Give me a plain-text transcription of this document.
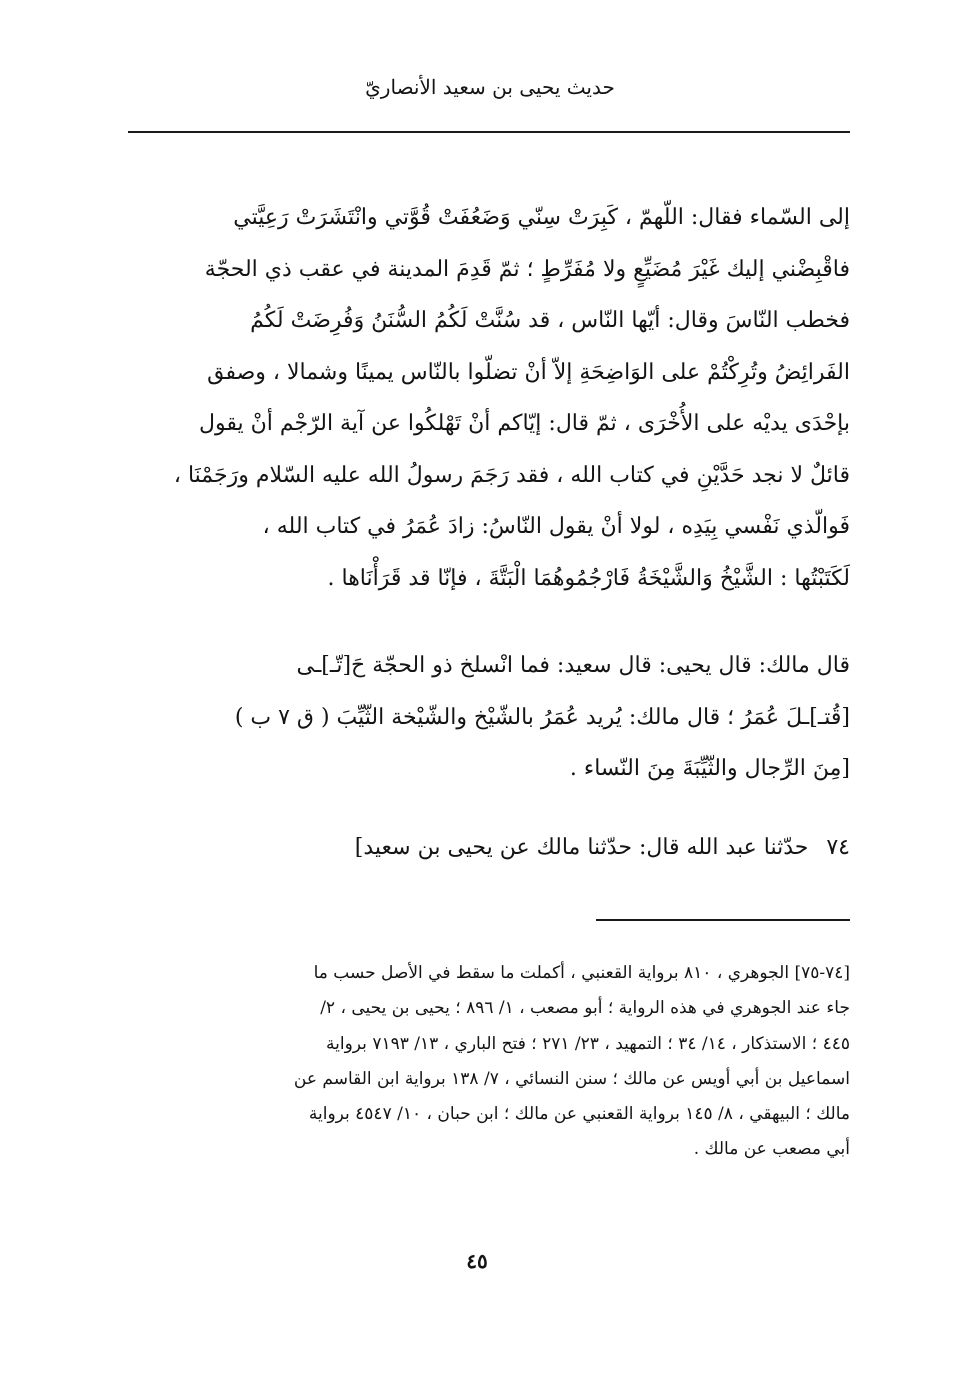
حديث يحيى بن سعيد الأنصاريّ
إلى السّماء فقال: اللّهمّ ، كَبِرَتْ سِنّي وَضَعُفَتْ قُوَّتي وانْتَشَرَتْ رَعِيَّتي
فاقْبِضْني إليك غَيْرَ مُضَيِّعٍ ولا مُفَرِّطٍ ؛ ثمّ قَدِمَ المدينة في عقب ذي الحجّة
فخطب النّاسَ وقال: أيّها النّاس ، قد سُنَّتْ لَكُمُ السُّنَنُ وَفُرِضَتْ لَكُمُ
الفَرائِضُ وتُرِكْتُمْ على الوَاضِحَةِ إلاّ أنْ تضلّوا بالنّاس يمينًا وشمالا ، وصفق
بإحْدَى يديْه على الأُخْرَى ، ثمّ قال: إيّاكم أنْ تَهْلكُوا عن آية الرّجْم أنْ يقول
قائلٌ لا نجد حَدَّيْنِ في كتاب الله ، فقد رَجَمَ رسولُ الله عليه السّلام ورَجَمْنَا ،
فَوالّذي نَفْسي بِيَدِه ، لولا أنْ يقول النّاسُ: زادَ عُمَرُ في كتاب الله ،
لَكَتَبْتُها : الشَّيْخُ وَالشَّيْخَةُ فَارْجُمُوهُمَا الْبَتَّةَ ، فإنّا قد قَرَأْنَاها .
قال مالك: قال يحيى: قال سعيد: فما انْسلخ ذو الحجّة حَ[تّـ]ـى
[قُتـ]ـلَ عُمَرُ ؛ قال مالك: يُريد عُمَرُ بالشّيْخ والشّيْخة الثّيِّبَ ( ق ٧ ب )
[مِنَ الرِّجال والثّيِّبَةَ مِنَ النّساء .
٧٤حدّثنا عبد الله قال: حدّثنا مالك عن يحيى بن سعيد]
[٧٤-٧٥] الجوهري ، ٨١٠ برواية القعنبي ، أكملت ما سقط في الأصل حسب ما
جاء عند الجوهري في هذه الرواية ؛ أبو مصعب ، ١/ ٨٩٦ ؛ يحيى بن يحيى ، ٢/
٤٤٥ ؛ الاستذكار ، ١٤/ ٣٤ ؛ التمهيد ، ٢٣/ ٢٧١ ؛ فتح الباري ، ١٣/ ٧١٩٣ برواية
اسماعيل بن أبي أويس عن مالك ؛ سنن النسائي ، ٧/ ١٣٨ برواية ابن القاسم عن
مالك ؛ البيهقي ، ٨/ ١٤٥ برواية القعنبي عن مالك ؛ ابن حبان ، ١٠/ ٤٥٤٧ برواية
أبي مصعب عن مالك .
٤٥
